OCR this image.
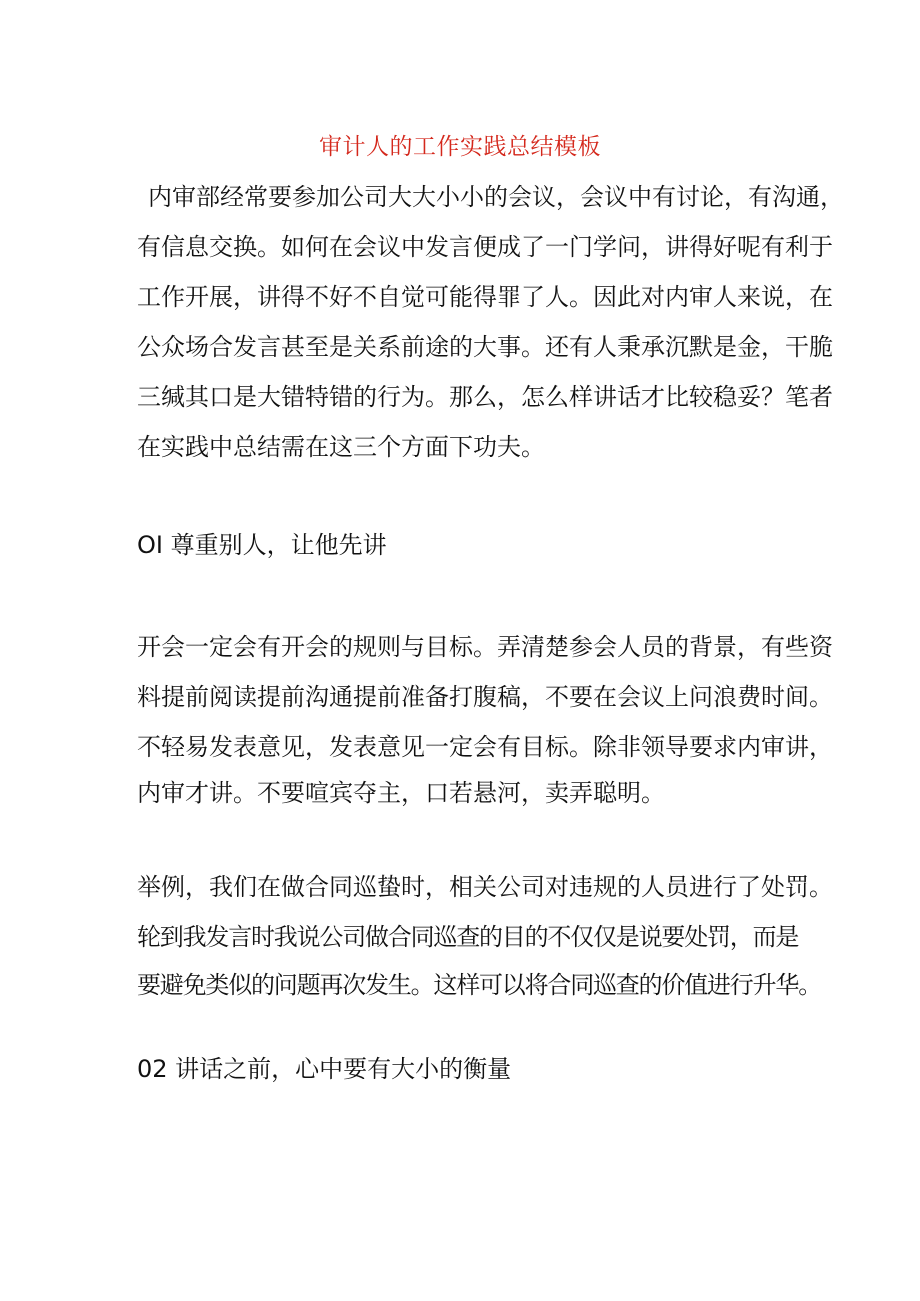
审计人的工作实践总结模板
内审部经常要参加公司大大小小的会议，会议中有讨论，有沟通，
有信息交换。如何在会议中发言便成了一门学问，讲得好呢有利于
工作开展，讲得不好不自觉可能得罪了人。因此对内审人来说，在
公众场合发言甚至是关系前途的大事。还有人秉承沉默是金，干脆
三缄其口是大错特错的行为。那么，怎么样讲话才比较稳妥？笔者
在实践中总结需在这三个方面下功夫。
OI 尊重别人，让他先讲
开会一定会有开会的规则与目标。弄清楚参会人员的背景，有些资
料提前阅读提前沟通提前准备打腹稿，不要在会议上问浪费时间。
不轻易发表意见，发表意见一定会有目标。除非领导要求内审讲，
内审才讲。不要喧宾夺主，口若悬河，卖弄聪明。
举例，我们在做合同巡蛰时，相关公司对违规的人员进行了处罚。
轮到我发言时我说公司做合同巡查的目的不仅仅是说要处罚，而是
要避免类似的问题再次发生。这样可以将合同巡查的价值进行升华。
02 讲话之前，心中要有大小的衡量
